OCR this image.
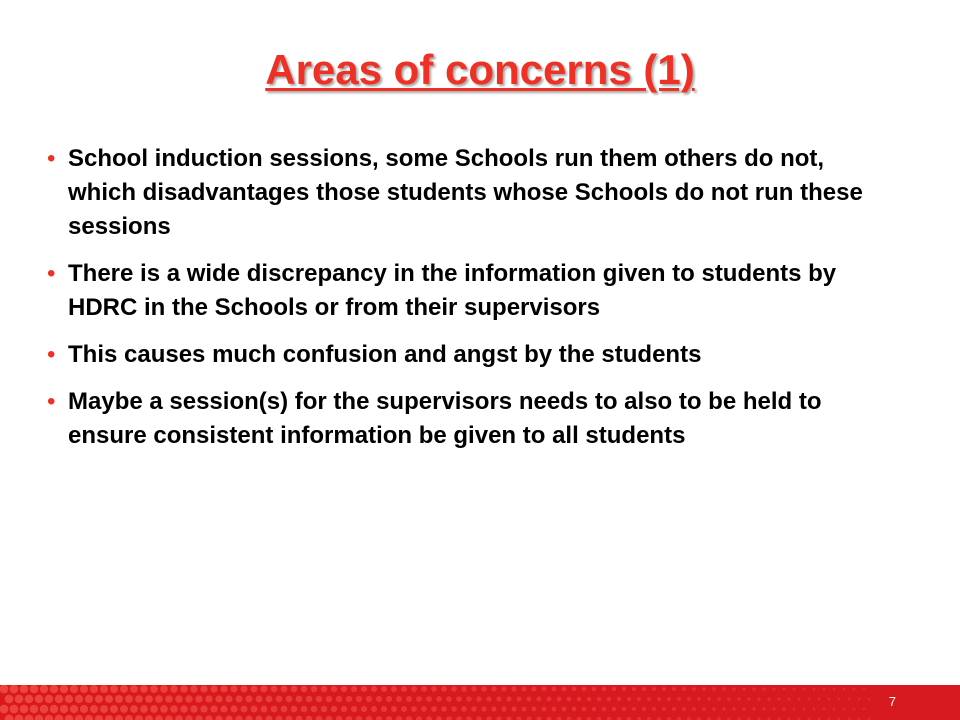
Areas of concerns (1)
• School induction sessions, some Schools run them others do not, which disadvantages those students whose Schools do not run these sessions
• There is a wide discrepancy in the information given to students by HDRC in the Schools or from their supervisors
• This causes much confusion and angst by the students
• Maybe a session(s) for the supervisors needs to also to be held to ensure consistent information be given to all students
7
